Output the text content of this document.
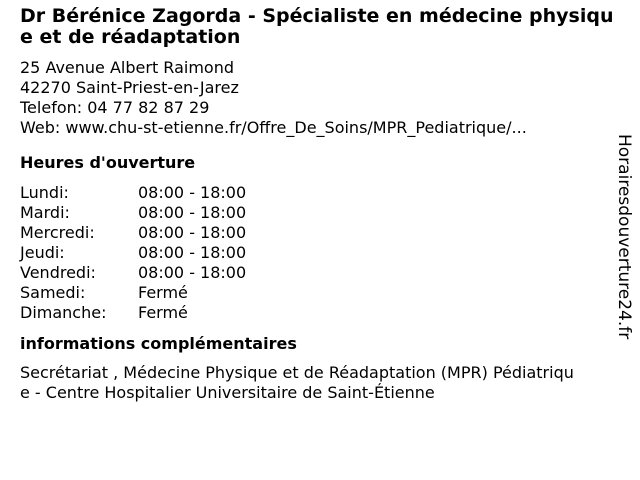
Dr Bérénice Zagorda - Spécialiste en médecine physique et de réadaptation
25 Avenue Albert Raimond
42270 Saint-Priest-en-Jarez
Telefon: 04 77 82 87 29
Web: www.chu-st-etienne.fr/Offre_De_Soins/MPR_Pediatrique/...
Heures d'ouverture
Lundi:	08:00 - 18:00
Mardi:	08:00 - 18:00
Mercredi:	08:00 - 18:00
Jeudi:	08:00 - 18:00
Vendredi:	08:00 - 18:00
Samedi:	Fermé
Dimanche:	Fermé
informations complémentaires
Secrétariat , Médecine Physique et de Réadaptation (MPR) Pédiatrique - Centre Hospitalier Universitaire de Saint-Étienne
Horairesdouverture24.fr
